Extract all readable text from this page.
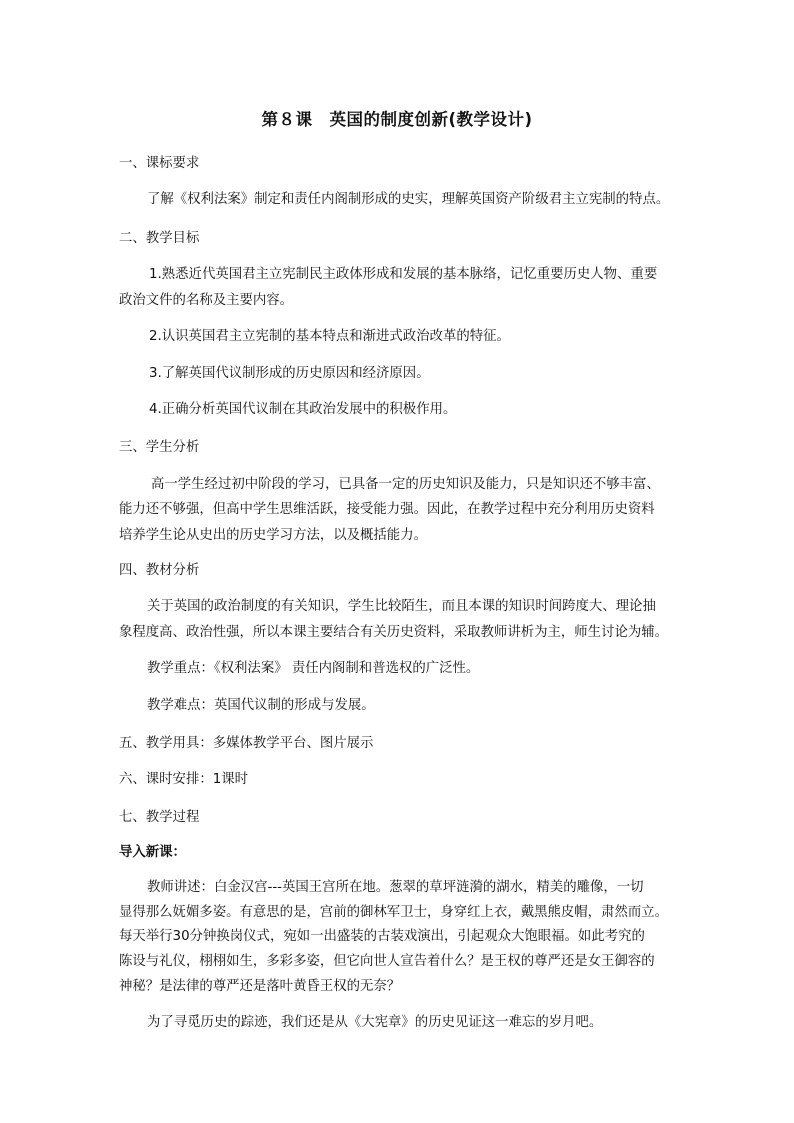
第８课　英国的制度创新(教学设计)
一、课标要求
了解《权利法案》制定和责任内阁制形成的史实，理解英国资产阶级君主立宪制的特点。
二、教学目标
1.熟悉近代英国君主立宪制民主政体形成和发展的基本脉络，记忆重要历史人物、重要
政治文件的名称及主要内容。
2.认识英国君主立宪制的基本特点和渐进式政治改革的特征。
3.了解英国代议制形成的历史原因和经济原因。
4.正确分析英国代议制在其政治发展中的积极作用。
三、学生分析
高一学生经过初中阶段的学习，已具备一定的历史知识及能力，只是知识还不够丰富、
能力还不够强，但高中学生思维活跃，接受能力强。因此，在教学过程中充分利用历史资料
培养学生论从史出的历史学习方法，以及概括能力。
四、教材分析
关于英国的政治制度的有关知识，学生比较陌生，而且本课的知识时间跨度大、理论抽
象程度高、政治性强，所以本课主要结合有关历史资料，采取教师讲析为主，师生讨论为辅。
教学重点：《权利法案》 责任内阁制和普选权的广泛性。
教学难点：英国代议制的形成与发展。
五、教学用具：多媒体教学平台、图片展示
六、课时安排：1课时
七、教学过程
导入新课：
教师讲述：白金汉宫---英国王宫所在地。葱翠的草坪涟漪的湖水，精美的雕像，一切
显得那么妩媚多姿。有意思的是，宫前的御林军卫士，身穿红上衣，戴黑熊皮帽，肃然而立。
每天举行30分钟换岗仪式，宛如一出盛装的古装戏演出，引起观众大饱眼福。如此考究的
陈设与礼仪，栩栩如生，多彩多姿，但它向世人宣告着什么？是王权的尊严还是女王御容的
神秘？是法律的尊严还是落叶黄昏王权的无奈？
为了寻觅历史的踪迹，我们还是从《大宪章》的历史见证这一难忘的岁月吧。
